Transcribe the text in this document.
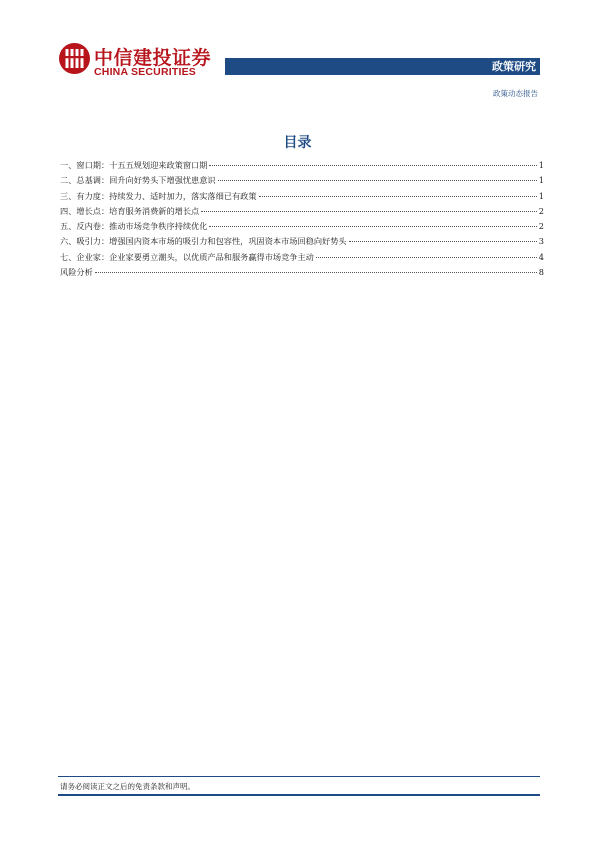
中信建投证券
CHINA SECURITIES	政策研究
政策动态报告
目录
一、窗口期：十五五规划迎来政策窗口期	1
二、总基调：回升向好势头下增强忧患意识	1
三、有力度：持续发力、适时加力，落实落细已有政策	1
四、增长点：培育服务消费新的增长点	2
五、反内卷：推动市场竞争秩序持续优化	2
六、吸引力：增强国内资本市场的吸引力和包容性，巩固资本市场回稳向好势头	3
七、企业家：企业家要勇立潮头，以优质产品和服务赢得市场竞争主动	4
风险分析	8
请务必阅读正文之后的免责条款和声明。
